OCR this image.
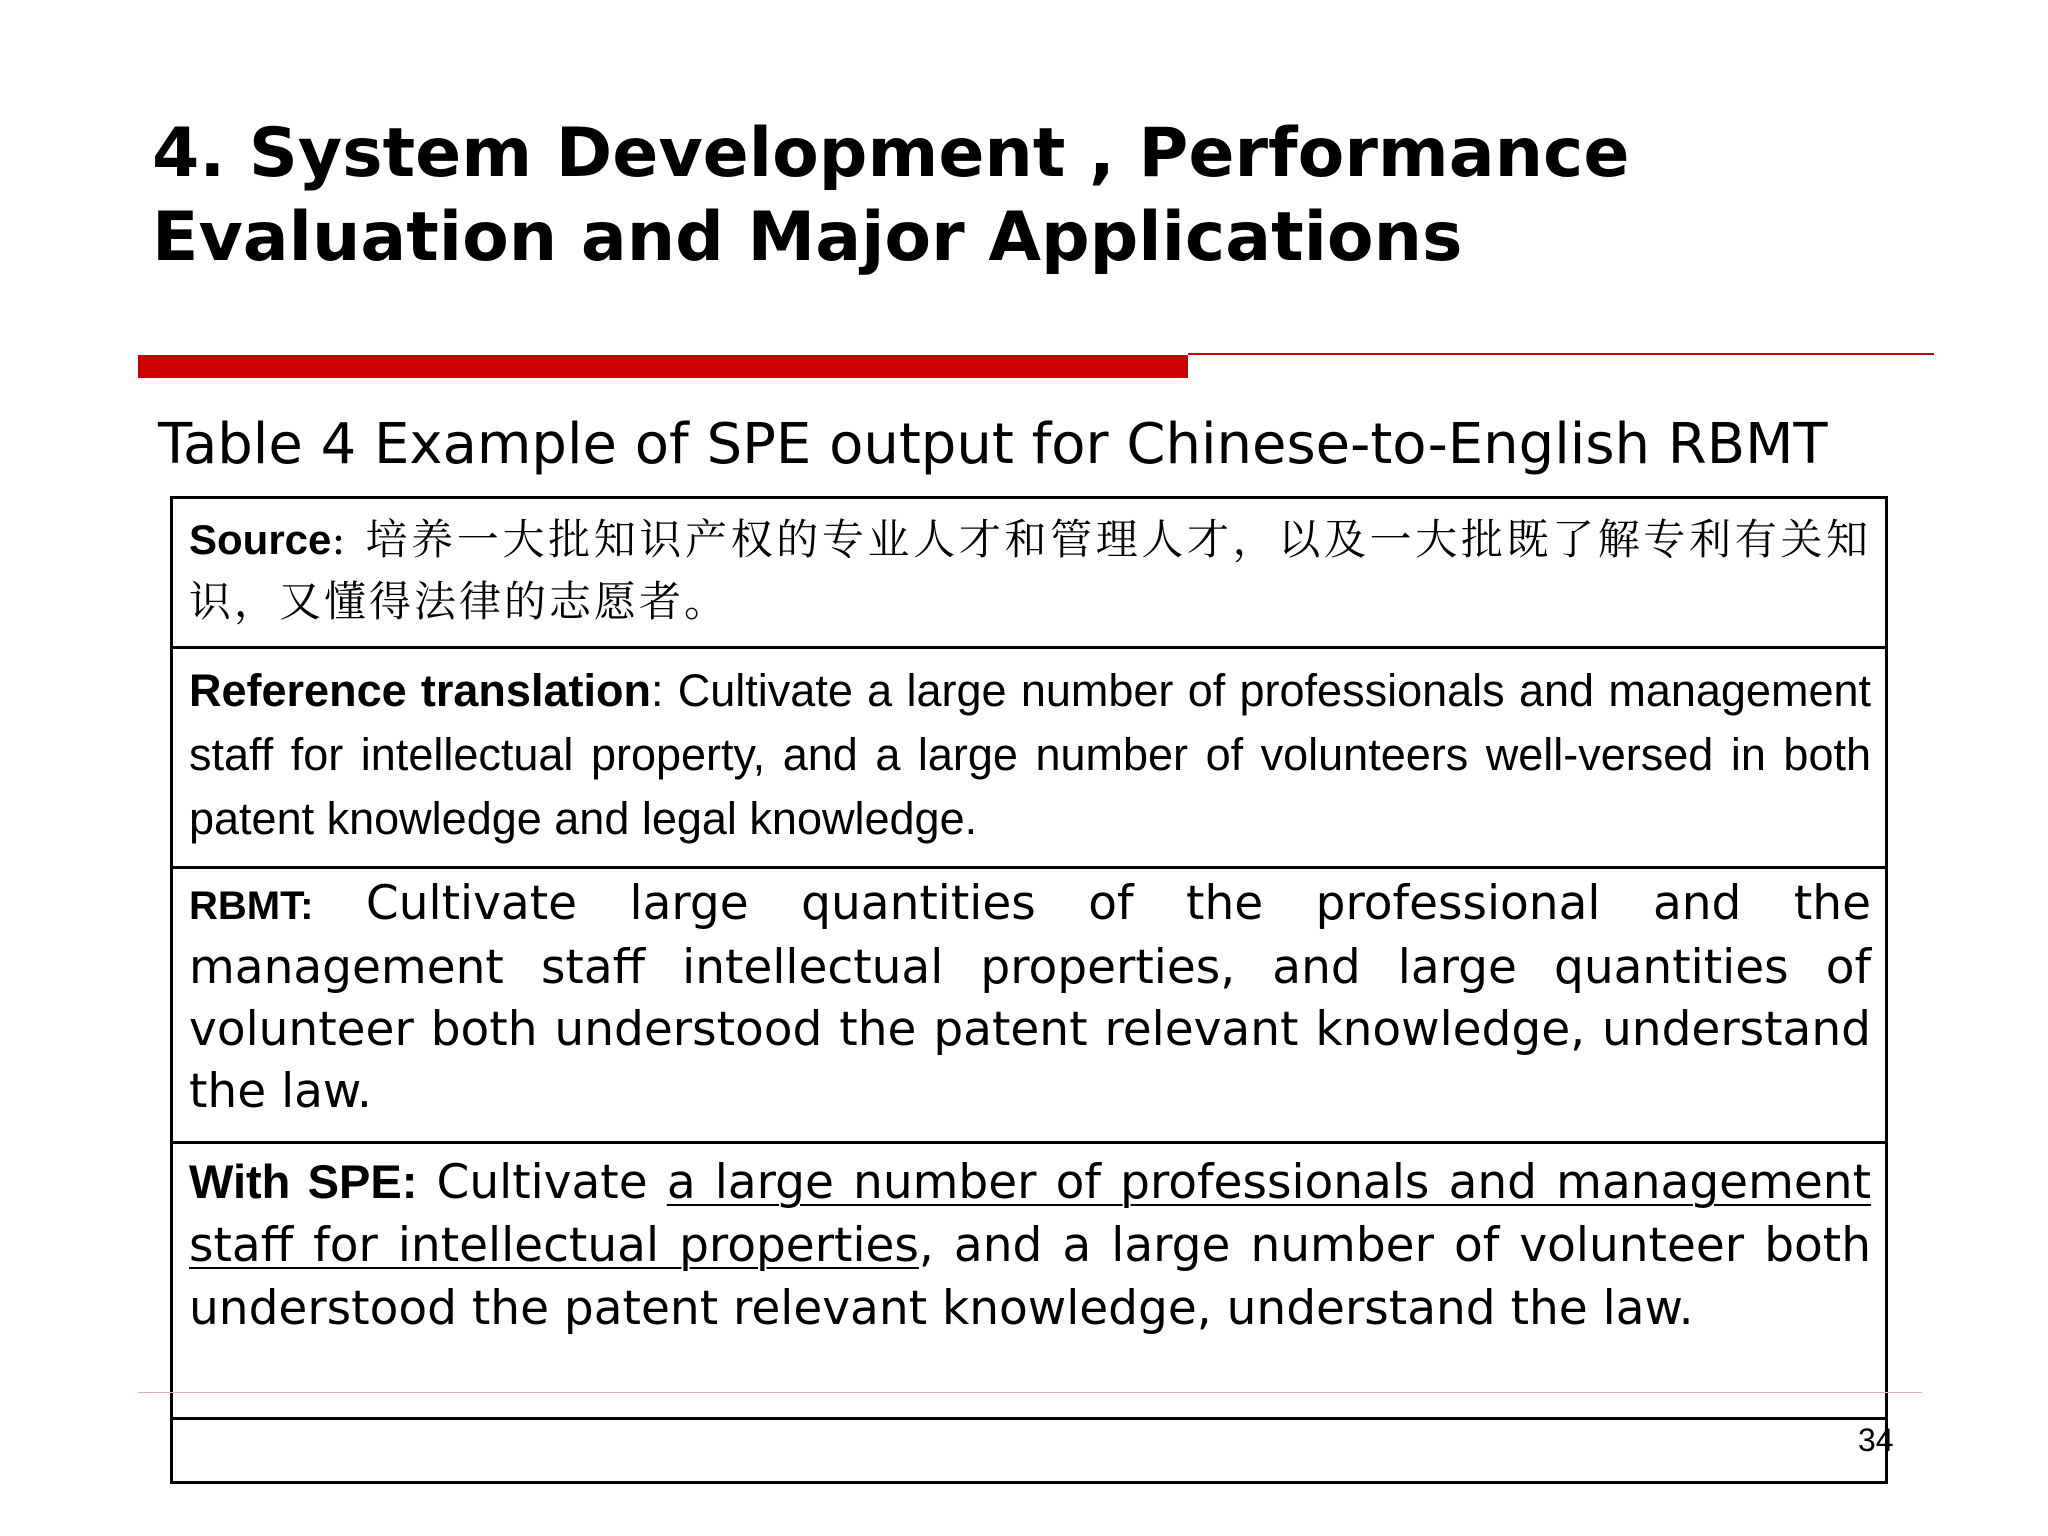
4. System Development , Performance
Evaluation and Major Applications

Table 4 Example of SPE output for Chinese-to-English RBMT

Source: 培养一大批知识产权的专业人才和管理人才，以及一大批既了解专利有关知识，又懂得法律的志愿者。

Reference translation: Cultivate a large number of professionals and management staff for intellectual property, and a large number of volunteers well-versed in both patent knowledge and legal knowledge.

RBMT: Cultivate large quantities of the professional and the management staff intellectual properties, and large quantities of volunteer both understood the patent relevant knowledge, understand the law.

With SPE: Cultivate a large number of professionals and management staff for intellectual properties, and a large number of volunteer both understood the patent relevant knowledge, understand the law.

34
